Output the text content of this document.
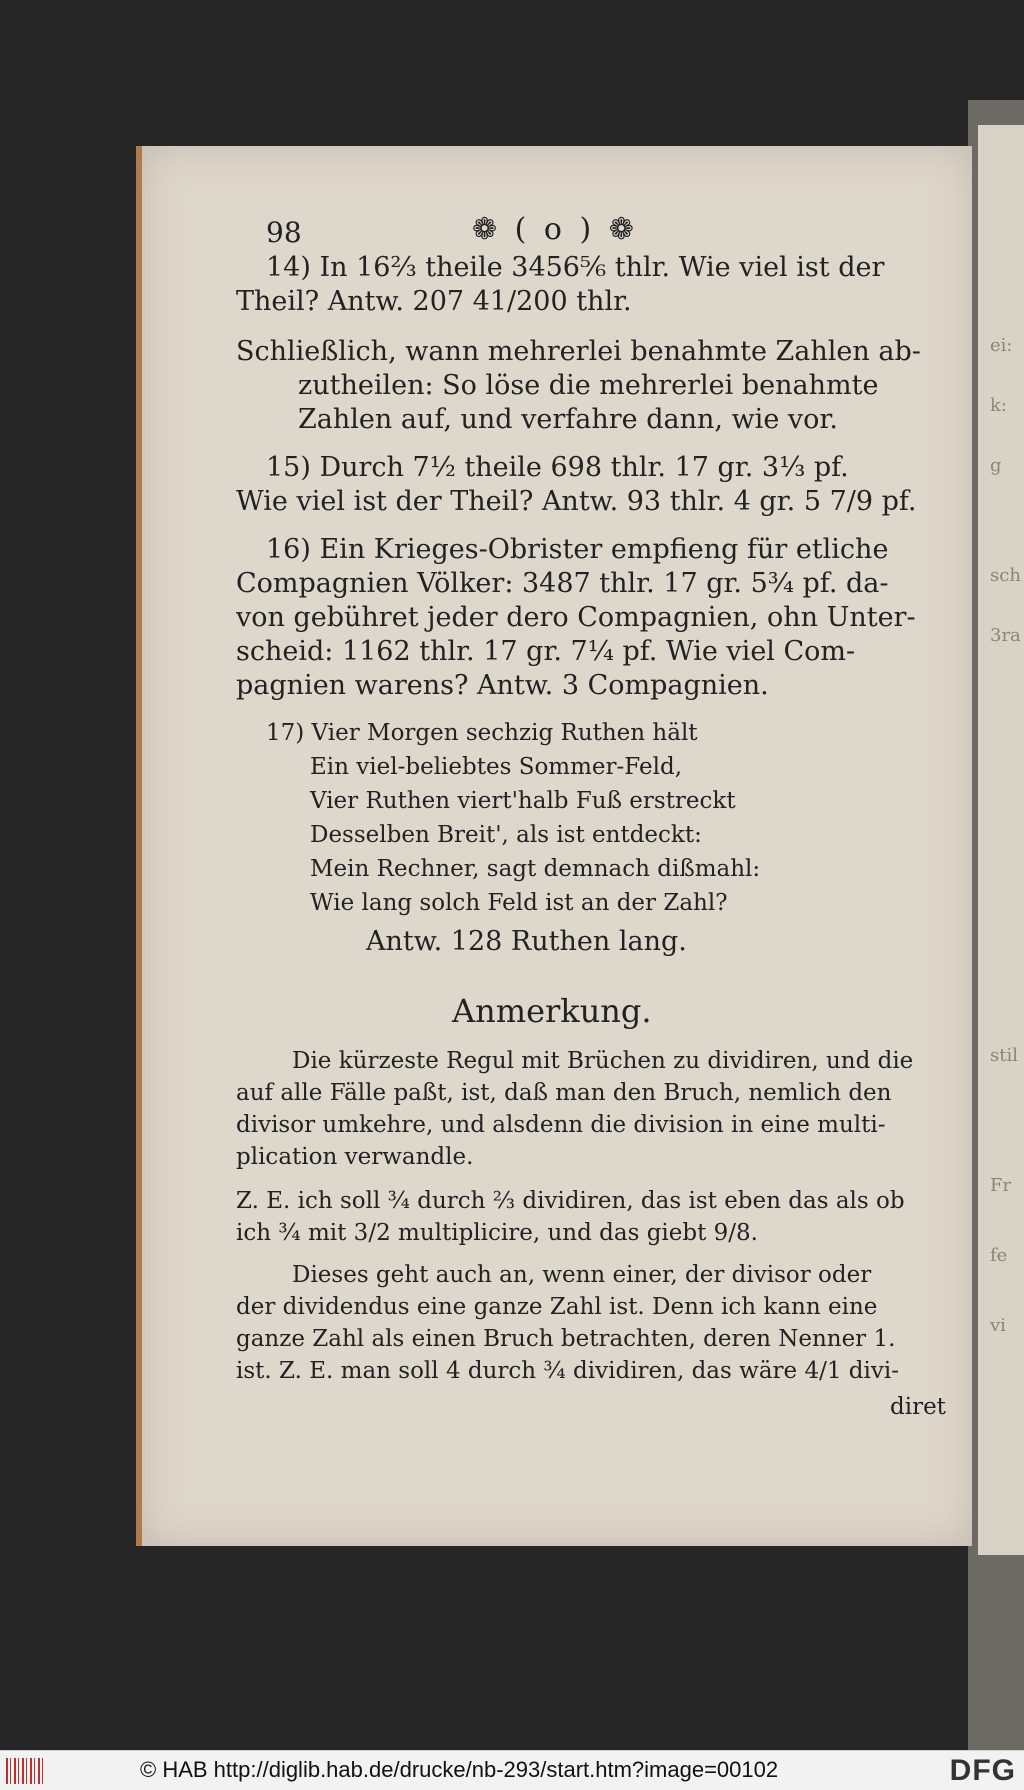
ei:
k:
g
sch
3ra
stil
Fr
fe
vi
98	❁ ( o ) ❁
14) In 16⅔ theile 3456⅚ thlr. Wie viel ist der
Theil? Antw. 207 41/200 thlr.
Schließlich, wann mehrerlei benahmte Zahlen ab-
zutheilen: So löse die mehrerlei benahmte
Zahlen auf, und verfahre dann, wie vor.
15) Durch 7½ theile 698 thlr. 17 gr. 3⅓ pf.
Wie viel ist der Theil? Antw. 93 thlr. 4 gr. 5 7/9 pf.
16) Ein Krieges-Obrister empfieng für etliche
Compagnien Völker: 3487 thlr. 17 gr. 5¾ pf. da-
von gebühret jeder dero Compagnien, ohn Unter-
scheid: 1162 thlr. 17 gr. 7¼ pf. Wie viel Com-
pagnien warens? Antw. 3 Compagnien.
17) Vier Morgen sechzig Ruthen hält
Ein viel-beliebtes Sommer-Feld,
Vier Ruthen viert'halb Fuß erstreckt
Desselben Breit', als ist entdeckt:
Mein Rechner, sagt demnach dißmahl:
Wie lang solch Feld ist an der Zahl?
Antw. 128 Ruthen lang.
Anmerkung.
Die kürzeste Regul mit Brüchen zu dividiren, und die
auf alle Fälle paßt, ist, daß man den Bruch, nemlich den
divisor umkehre, und alsdenn die division in eine multi-
plication verwandle.
Z. E. ich soll ¾ durch ⅔ dividiren, das ist eben das als ob
ich ¾ mit 3/2 multiplicire, und das giebt 9/8.
Dieses geht auch an, wenn einer, der divisor oder
der dividendus eine ganze Zahl ist. Denn ich kann eine
ganze Zahl als einen Bruch betrachten, deren Nenner 1.
ist. Z. E. man soll 4 durch ¾ dividiren, das wäre 4/1 divi-
diret
© HAB http://diglib.hab.de/drucke/nb-293/start.htm?image=00102	DFG
